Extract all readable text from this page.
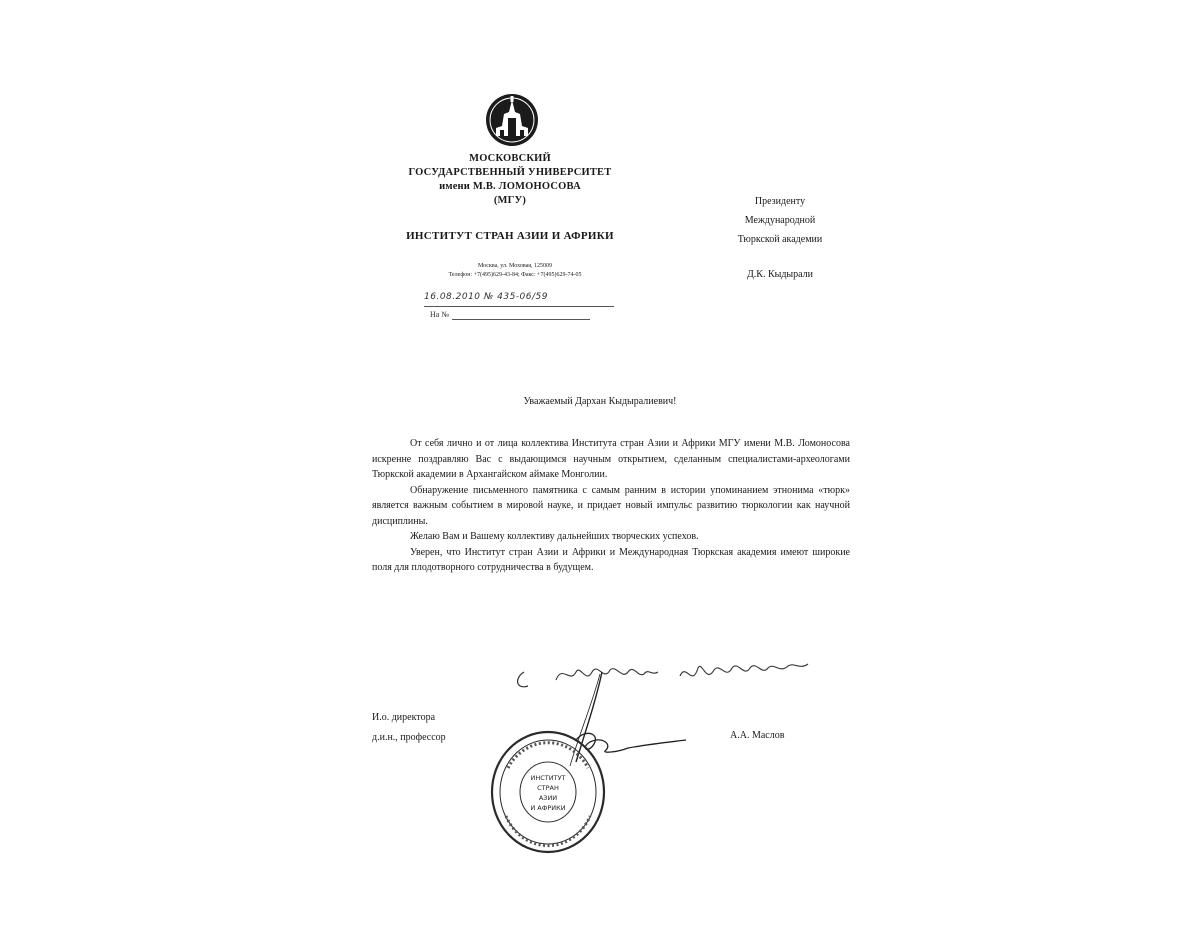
МОСКОВСКИЙ
ГОСУДАРСТВЕННЫЙ УНИВЕРСИТЕТ
имени М.В. ЛОМОНОСОВА
(МГУ)
ИНСТИТУТ СТРАН АЗИИ И АФРИКИ
Москва, ул. Моховая, 125009
Телефон: +7(495)629-43-84; Факс: +7(495)629-74-05
16.08.2010 № 435-06/59
На №
Президенту
Международной
Тюркской академии
Д.К. Кыдырали
Уважаемый Дархан Кыдыралиевич!

От себя лично и от лица коллектива Института стран Азии и Африки МГУ имени М.В. Ломоносова искренне поздравляю Вас с выдающимся научным открытием, сделанным специалистами-археологами Тюркской академии в Архангайском аймаке Монголии.

Обнаружение письменного памятника с самым ранним в истории упоминанием этнонима «тюрк» является важным событием в мировой науке, и придает новый импульс развитию тюркологии как научной дисциплины.

Желаю Вам и Вашему коллективу дальнейших творческих успехов.

Уверен, что Институт стран Азии и Африки и Международная Тюркская академия имеют широкие поля для плодотворного сотрудничества в будущем.

И.о. директора
д.и.н., профессор	А.А. Маслов
ИНСТИТУТ
СТРАН
АЗИИ
И АФРИКИ
